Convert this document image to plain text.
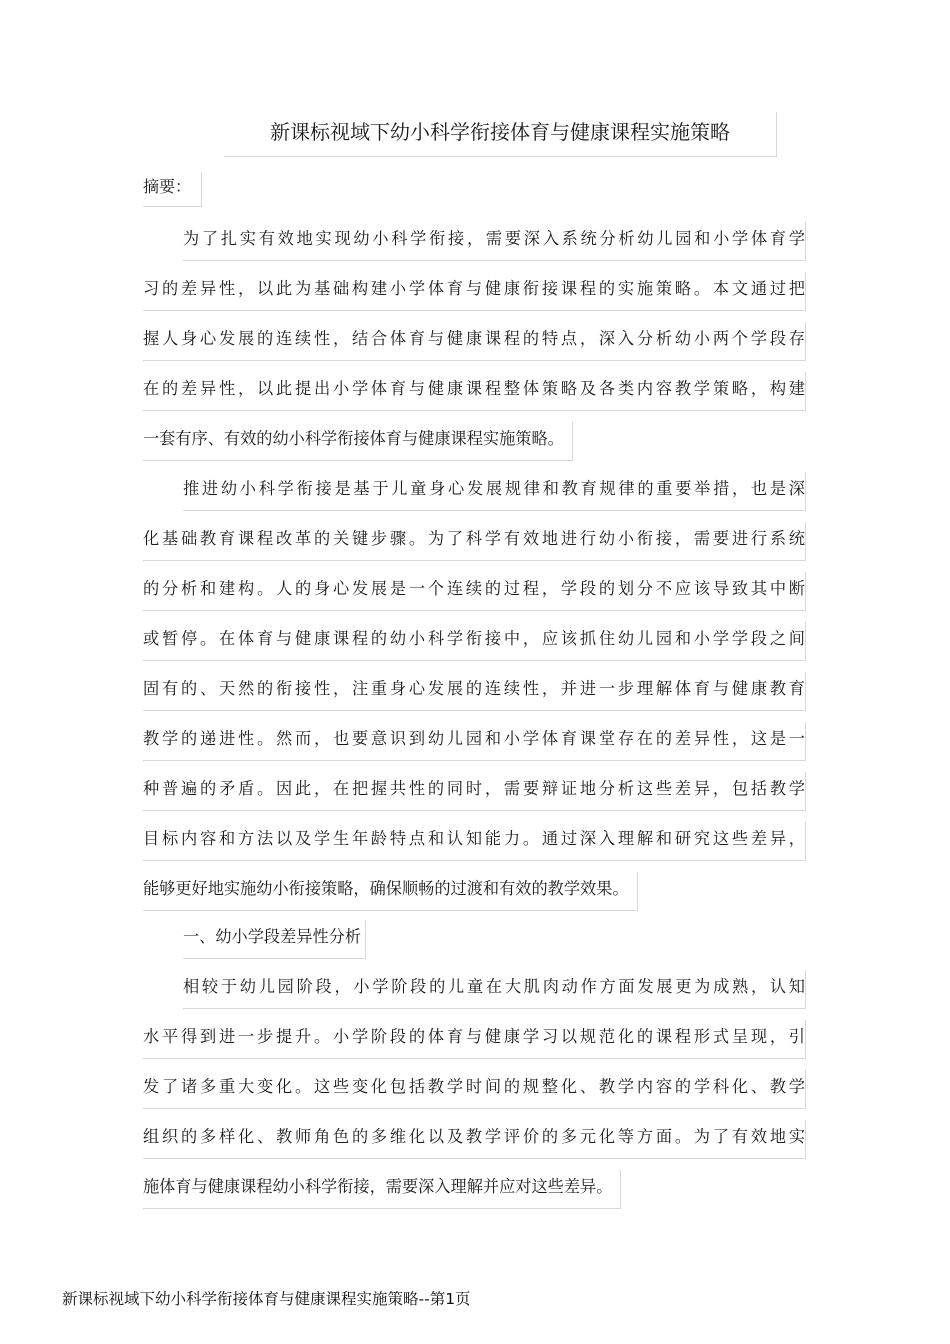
新课标视域下幼小科学衔接体育与健康课程实施策略
摘要：
为了扎实有效地实现幼小科学衔接，需要深入系统分析幼儿园和小学体育学
习的差异性，以此为基础构建小学体育与健康衔接课程的实施策略。本文通过把
握人身心发展的连续性，结合体育与健康课程的特点，深入分析幼小两个学段存
在的差异性，以此提出小学体育与健康课程整体策略及各类内容教学策略，构建
一套有序、有效的幼小科学衔接体育与健康课程实施策略。
推进幼小科学衔接是基于儿童身心发展规律和教育规律的重要举措，也是深
化基础教育课程改革的关键步骤。为了科学有效地进行幼小衔接，需要进行系统
的分析和建构。人的身心发展是一个连续的过程，学段的划分不应该导致其中断
或暂停。在体育与健康课程的幼小科学衔接中，应该抓住幼儿园和小学学段之间
固有的、天然的衔接性，注重身心发展的连续性，并进一步理解体育与健康教育
教学的递进性。然而，也要意识到幼儿园和小学体育课堂存在的差异性，这是一
种普遍的矛盾。因此，在把握共性的同时，需要辩证地分析这些差异，包括教学
目标内容和方法以及学生年龄特点和认知能力。通过深入理解和研究这些差异，
能够更好地实施幼小衔接策略，确保顺畅的过渡和有效的教学效果。
一、幼小学段差异性分析
相较于幼儿园阶段，小学阶段的儿童在大肌肉动作方面发展更为成熟，认知
水平得到进一步提升。小学阶段的体育与健康学习以规范化的课程形式呈现，引
发了诸多重大变化。这些变化包括教学时间的规整化、教学内容的学科化、教学
组织的多样化、教师角色的多维化以及教学评价的多元化等方面。为了有效地实
施体育与健康课程幼小科学衔接，需要深入理解并应对这些差异。
新课标视域下幼小科学衔接体育与健康课程实施策略--第1页
